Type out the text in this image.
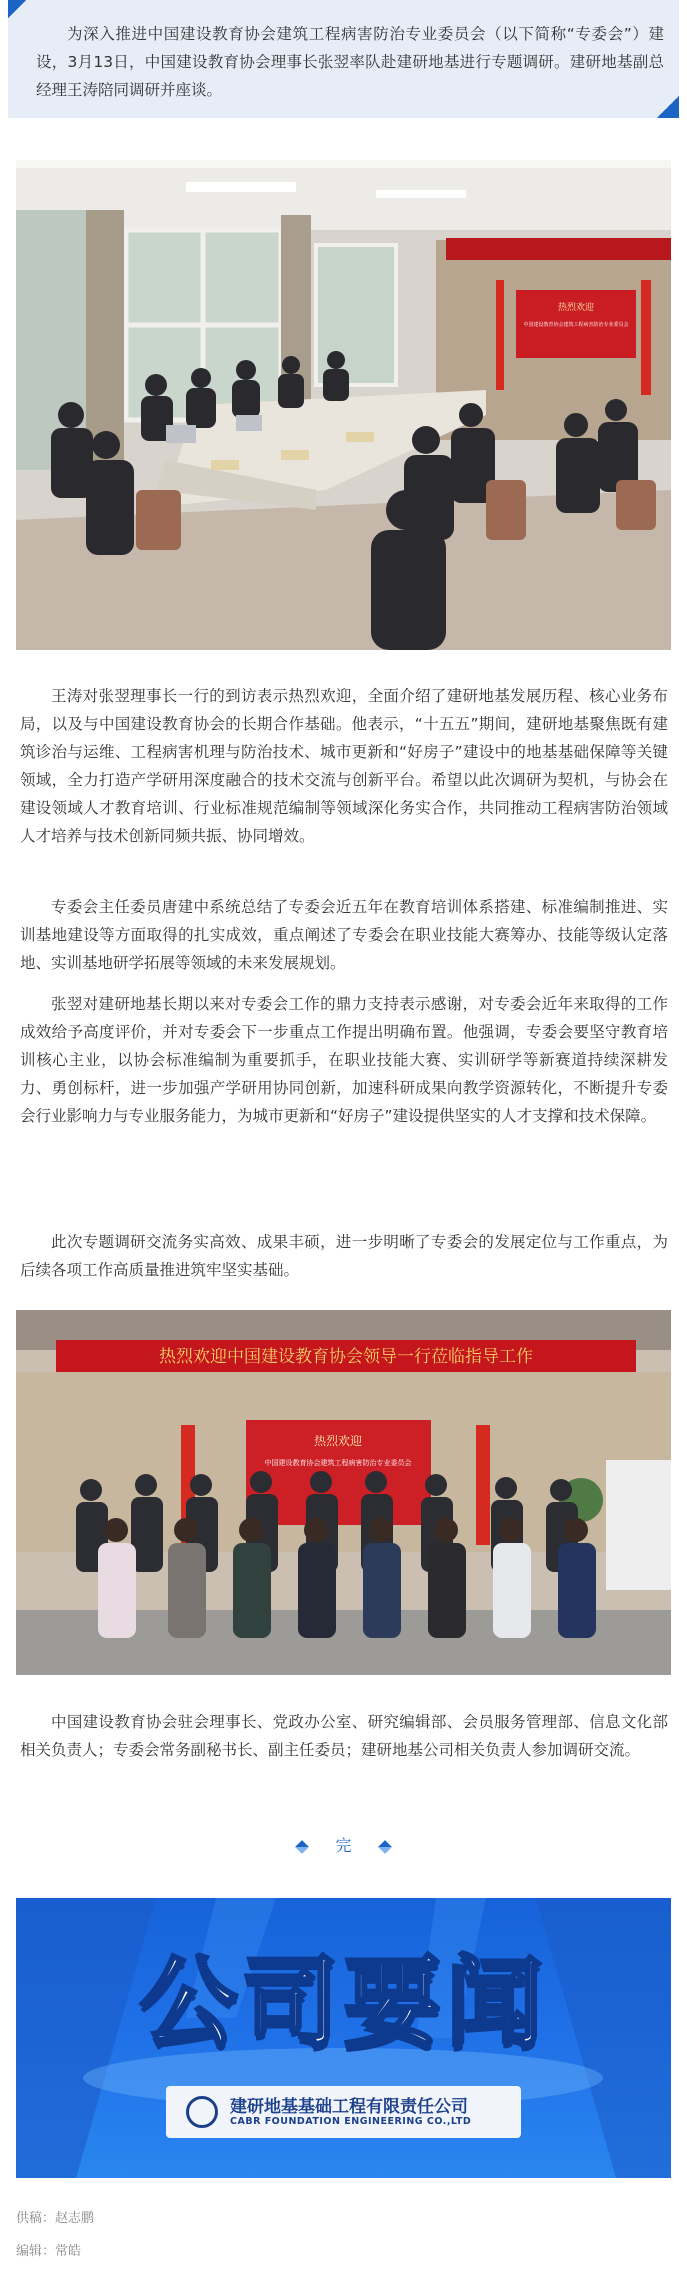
为深入推进中国建设教育协会建筑工程病害防治专业委员会（以下简称“专委会”）建设，3月13日，中国建设教育协会理事长张翌率队赴建研地基进行专题调研。建研地基副总经理王涛陪同调研并座谈。

热烈欢迎
中国建设教育协会建筑工程病害防治专业委员会

王涛对张翌理事长一行的到访表示热烈欢迎，全面介绍了建研地基发展历程、核心业务布局，以及与中国建设教育协会的长期合作基础。他表示，“十五五”期间，建研地基聚焦既有建筑诊治与运维、工程病害机理与防治技术、城市更新和“好房子”建设中的地基基础保障等关键领域，全力打造产学研用深度融合的技术交流与创新平台。希望以此次调研为契机，与协会在建设领域人才教育培训、行业标准规范编制等领域深化务实合作，共同推动工程病害防治领域人才培养与技术创新同频共振、协同增效。

专委会主任委员唐建中系统总结了专委会近五年在教育培训体系搭建、标准编制推进、实训基地建设等方面取得的扎实成效，重点阐述了专委会在职业技能大赛筹办、技能等级认定落地、实训基地研学拓展等领域的未来发展规划。

张翌对建研地基长期以来对专委会工作的鼎力支持表示感谢，对专委会近年来取得的工作成效给予高度评价，并对专委会下一步重点工作提出明确布置。他强调，专委会要坚守教育培训核心主业，以协会标准编制为重要抓手，在职业技能大赛、实训研学等新赛道持续深耕发力、勇创标杆，进一步加强产学研用协同创新，加速科研成果向教学资源转化，不断提升专委会行业影响力与专业服务能力，为城市更新和“好房子”建设提供坚实的人才支撑和技术保障。

此次专题调研交流务实高效、成果丰硕，进一步明晰了专委会的发展定位与工作重点，为后续各项工作高质量推进筑牢坚实基础。

热烈欢迎中国建设教育协会领导一行莅临指导工作
热烈欢迎
中国建设教育协会建筑工程病害防治专业委员会

中国建设教育协会驻会理事长、党政办公室、研究编辑部、会员服务管理部、信息文化部相关负责人；专委会常务副秘书长、副主任委员；建研地基公司相关负责人参加调研交流。

完
公司要闻
建研地基基础工程有限责任公司
CABR FOUNDATION ENGINEERING CO.,LTD
供稿：赵志鹏
编辑：常皓
